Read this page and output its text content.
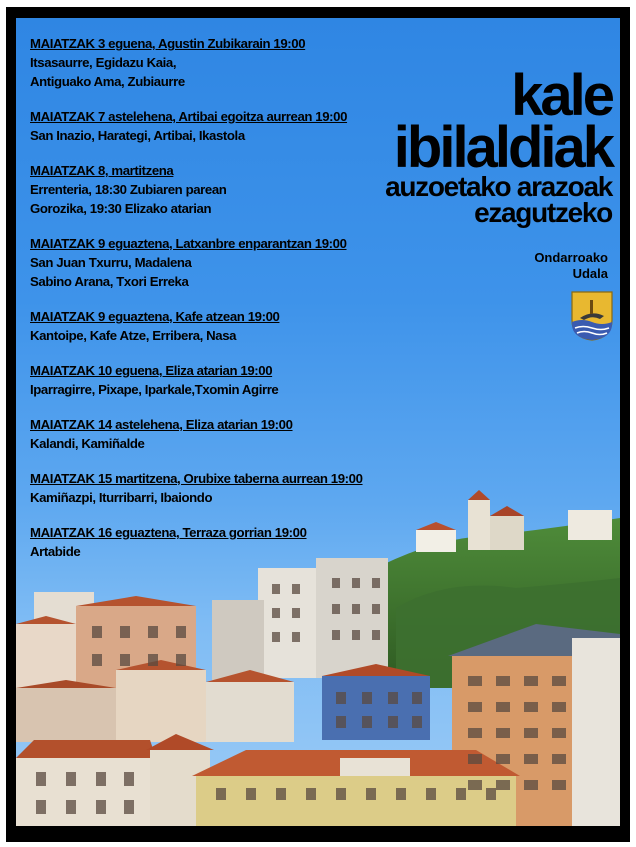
MAIATZAK 3 eguena, Agustin Zubikarain 19:00
Itsasaurre, Egidazu Kaia,
Antiguako Ama, Zubiaurre
MAIATZAK 7 astelehena, Artibai egoitza aurrean 19:00
San Inazio, Harategi, Artibai, Ikastola
MAIATZAK 8, martitzena
Errenteria, 18:30 Zubiaren parean
Gorozika, 19:30 Elizako atarian
MAIATZAK 9 eguaztena, Latxanbre enparantzan 19:00
San Juan Txurru, Madalena
Sabino Arana, Txori Erreka
MAIATZAK 9 eguaztena, Kafe atzean 19:00
Kantoipe, Kafe Atze, Erribera, Nasa
MAIATZAK 10 eguena, Eliza atarian 19:00
Iparragirre, Pixape, Iparkale,Txomin Agirre
MAIATZAK 14 astelehena, Eliza atarian 19:00
Kalandi, Kamiñalde
MAIATZAK 15 martitzena, Orubixe taberna aurrean 19:00
Kamiñazpi, Iturribarri, Ibaiondo
MAIATZAK 16 eguaztena, Terraza gorrian 19:00
Artabide
kale
ibilaldiak
auzoetako arazoak
ezagutzeko
Ondarroako
Udala
